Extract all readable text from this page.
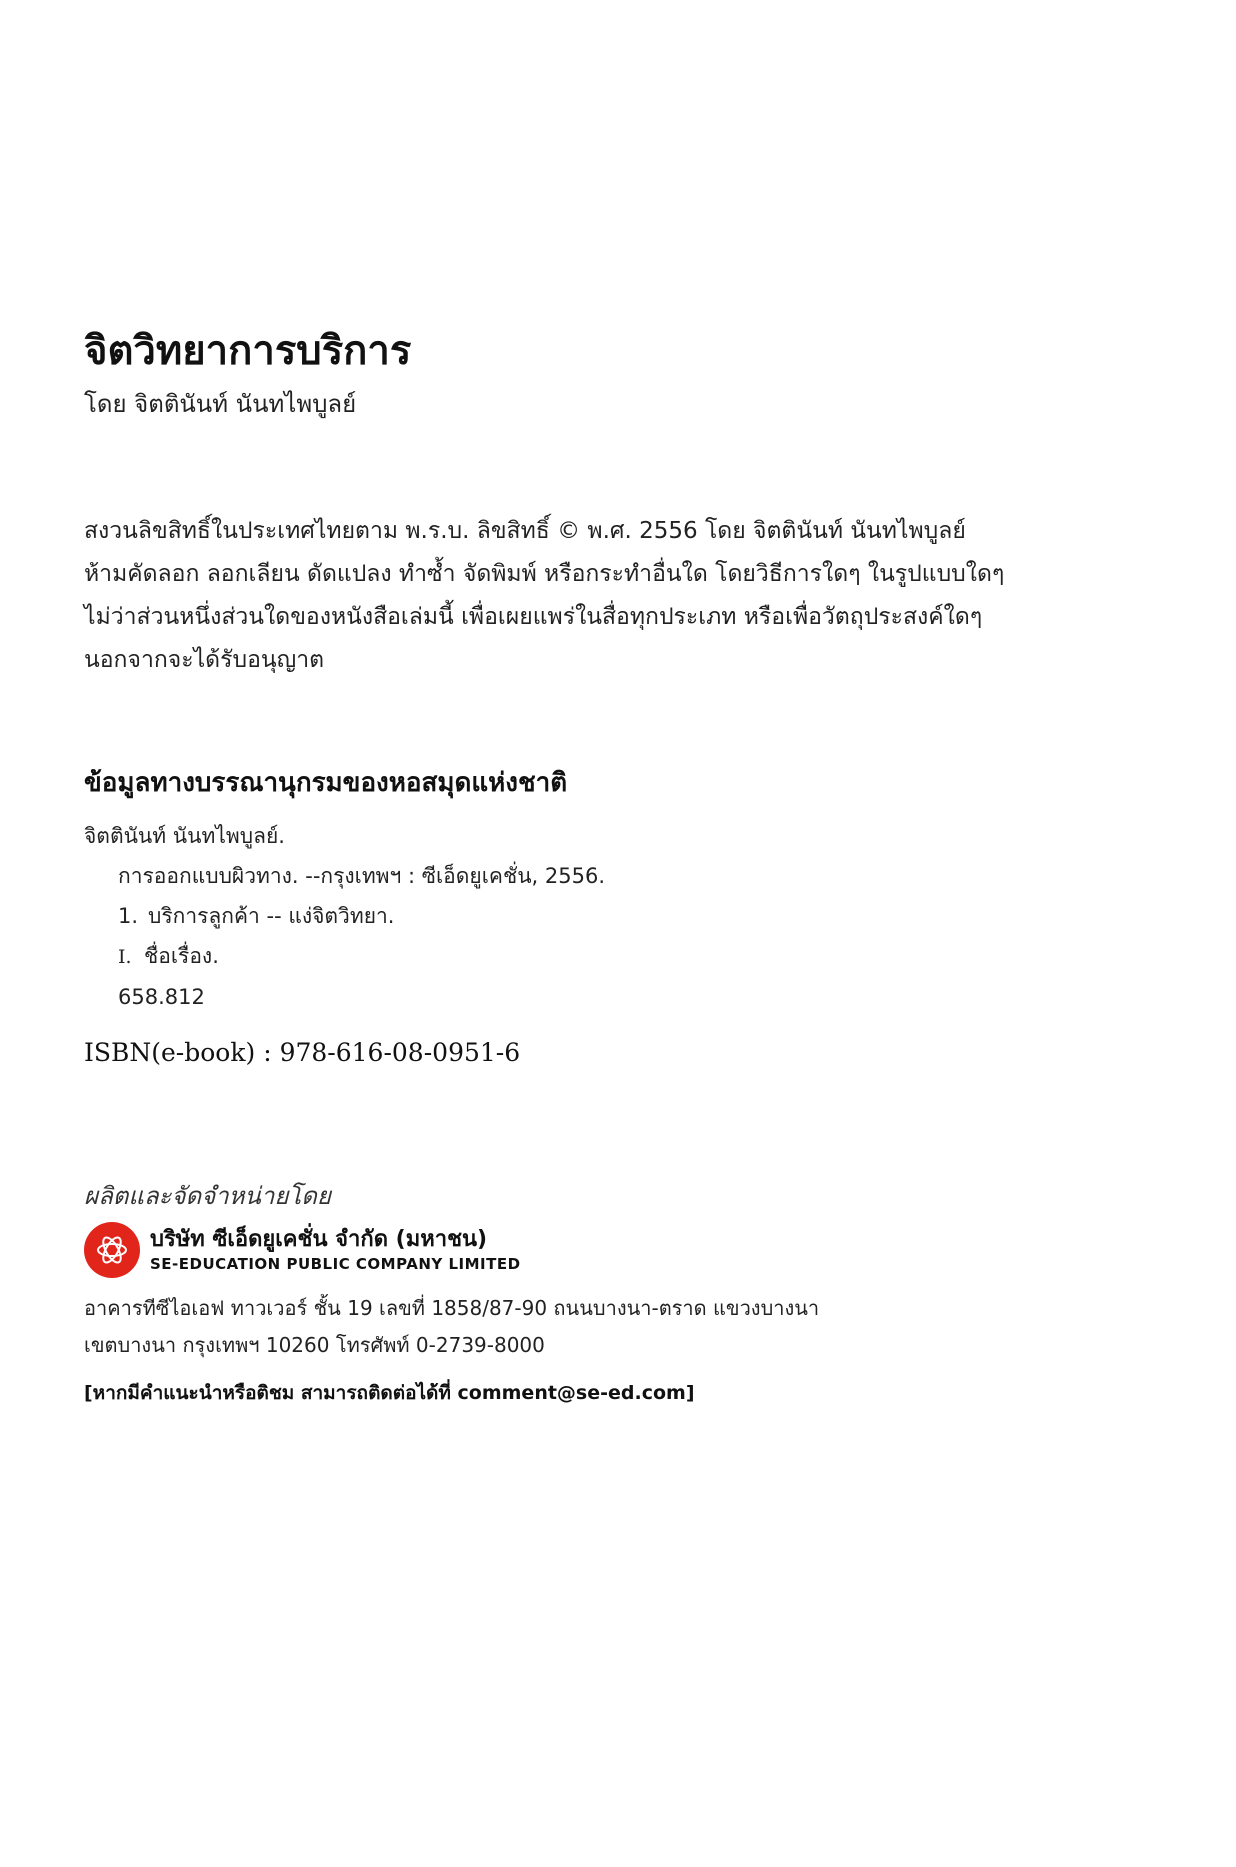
จิตวิทยาการบริการ
โดย จิตตินันท์ นันทไพบูลย์

สงวนลิขสิทธิ์ในประเทศไทยตาม พ.ร.บ. ลิขสิทธิ์ © พ.ศ. 2556 โดย จิตตินันท์ นันทไพบูลย์

ห้ามคัดลอก ลอกเลียน ดัดแปลง ทำซ้ำ จัดพิมพ์ หรือกระทำอื่นใด โดยวิธีการใดๆ ในรูปแบบใดๆ

ไม่ว่าส่วนหนึ่งส่วนใดของหนังสือเล่มนี้ เพื่อเผยแพร่ในสื่อทุกประเภท หรือเพื่อวัตถุประสงค์ใดๆ

นอกจากจะได้รับอนุญาต

ข้อมูลทางบรรณานุกรมของหอสมุดแห่งชาติ
จิตตินันท์ นันทไพบูลย์.
การออกแบบผิวทาง. --กรุงเทพฯ : ซีเอ็ดยูเคชั่น, 2556.
1. บริการลูกค้า -- แง่จิตวิทยา.
I. ชื่อเรื่อง.
658.812
ISBN(e-book) : 978-616-08-0951-6
ผลิตและจัดจำหน่ายโดย
บริษัท ซีเอ็ดยูเคชั่น จำกัด (มหาชน)
SE-EDUCATION PUBLIC COMPANY LIMITED
อาคารทีซีไอเอฟ ทาวเวอร์ ชั้น 19 เลขที่ 1858/87-90 ถนนบางนา-ตราด แขวงบางนา
เขตบางนา กรุงเทพฯ 10260 โทรศัพท์ 0-2739-8000
[หากมีคำแนะนำหรือติชม สามารถติดต่อได้ที่ comment@se-ed.com]
